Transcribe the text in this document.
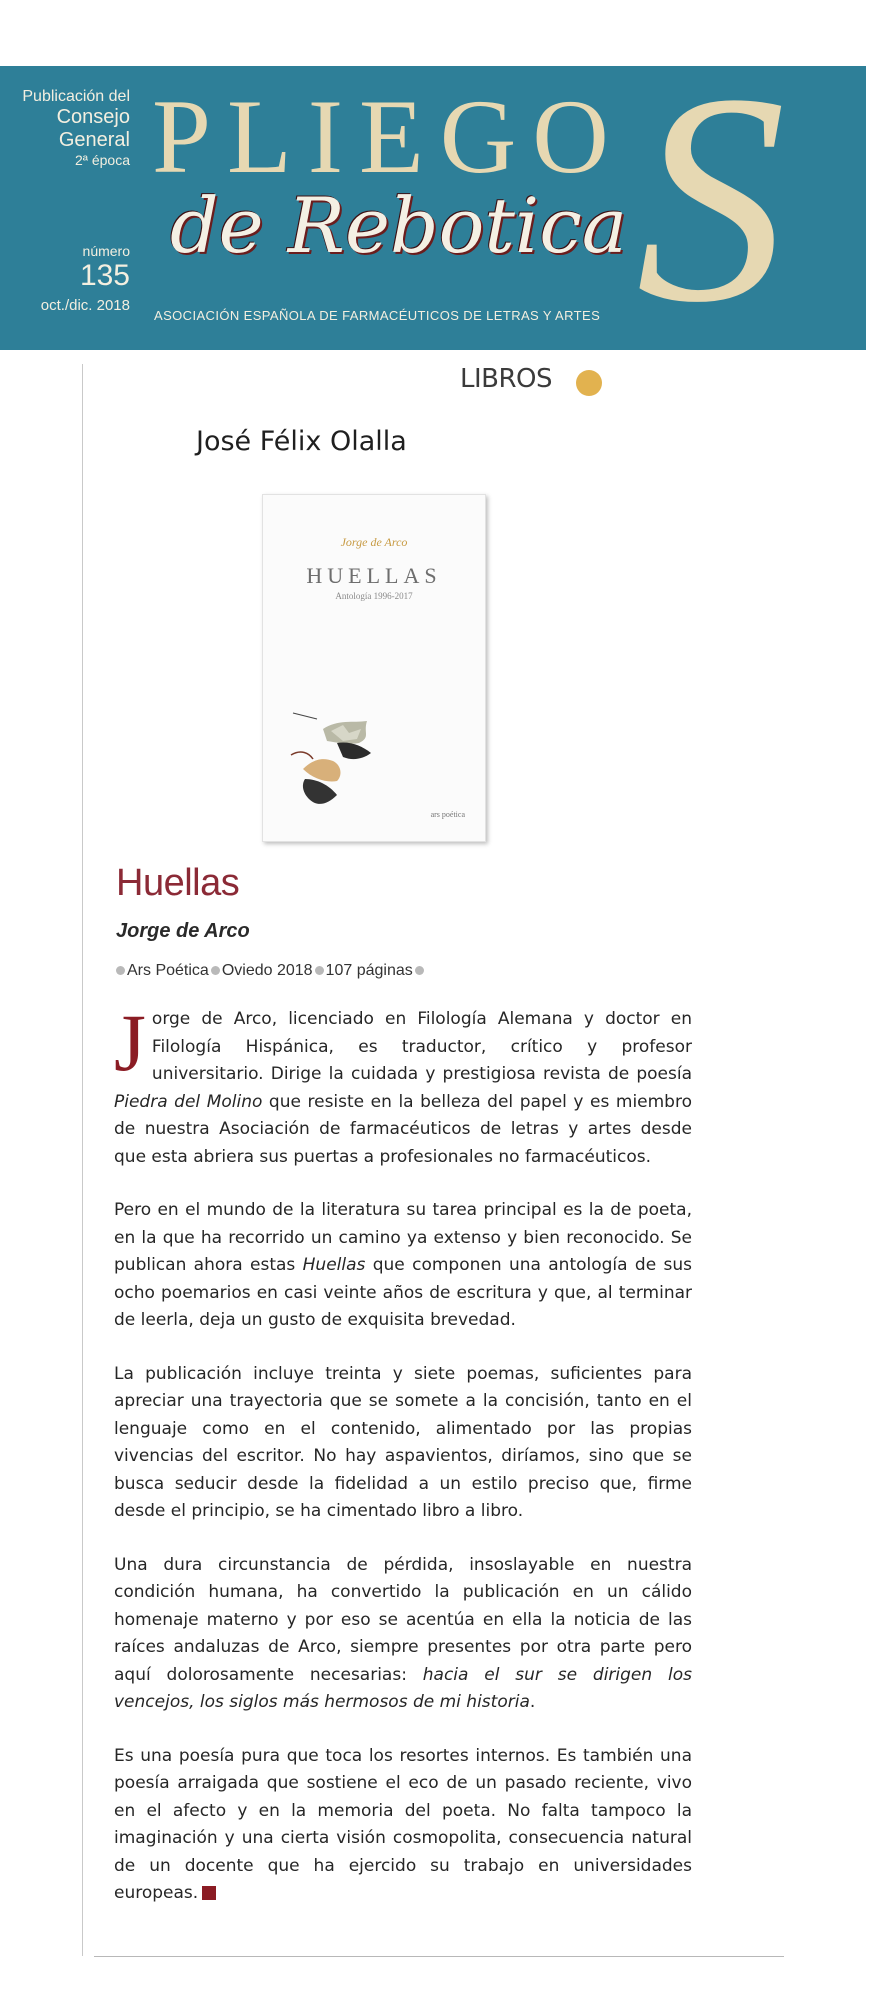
Publicación del
Consejo
General
2ª época
número
135
oct./dic. 2018 S
PLIEGO
de Rebotica
ASOCIACIÓN ESPAÑOLA DE FARMACÉUTICOS DE LETRAS Y ARTES
LIBROS
José Félix Olalla
Jorge de Arco
HUELLAS
Antología 1996-2017
ars poética
Huellas
Jorge de Arco
Ars Poética Oviedo 2018 107 páginas

Jorge de Arco, licenciado en Filología Alemana y doctor en Filología Hispánica, es traductor, crítico y profesor universitario. Dirige la cuidada y prestigiosa revista de poesía Piedra del Molino que resiste en la belleza del papel y es miembro de nuestra Asociación de farmacéuticos de letras y artes desde que esta abriera sus puertas a profesionales no farmacéuticos.

Pero en el mundo de la literatura su tarea principal es la de poeta, en la que ha recorrido un camino ya extenso y bien reconocido. Se publican ahora estas Huellas que componen una antología de sus ocho poemarios en casi veinte años de escritura y que, al terminar de leerla, deja un gusto de exquisita brevedad.

La publicación incluye treinta y siete poemas, suficientes para apreciar una trayectoria que se somete a la concisión, tanto en el lenguaje como en el contenido, alimentado por las propias vivencias del escritor. No hay aspavientos, diríamos, sino que se busca seducir desde la fidelidad a un estilo preciso que, firme desde el principio, se ha cimentado libro a libro.

Una dura circunstancia de pérdida, insoslayable en nuestra condición humana, ha convertido la publicación en un cálido homenaje materno y por eso se acentúa en ella la noticia de las raíces andaluzas de Arco, siempre presentes por otra parte pero aquí dolorosamente necesarias: hacia el sur se dirigen los vencejos, los siglos más hermosos de mi historia.

Es una poesía pura que toca los resortes internos. Es también una poesía arraigada que sostiene el eco de un pasado reciente, vivo en el afecto y en la memoria del poeta. No falta tampoco la imaginación y una cierta visión cosmopolita, consecuencia natural de un docente que ha ejercido su trabajo en universidades europeas.
